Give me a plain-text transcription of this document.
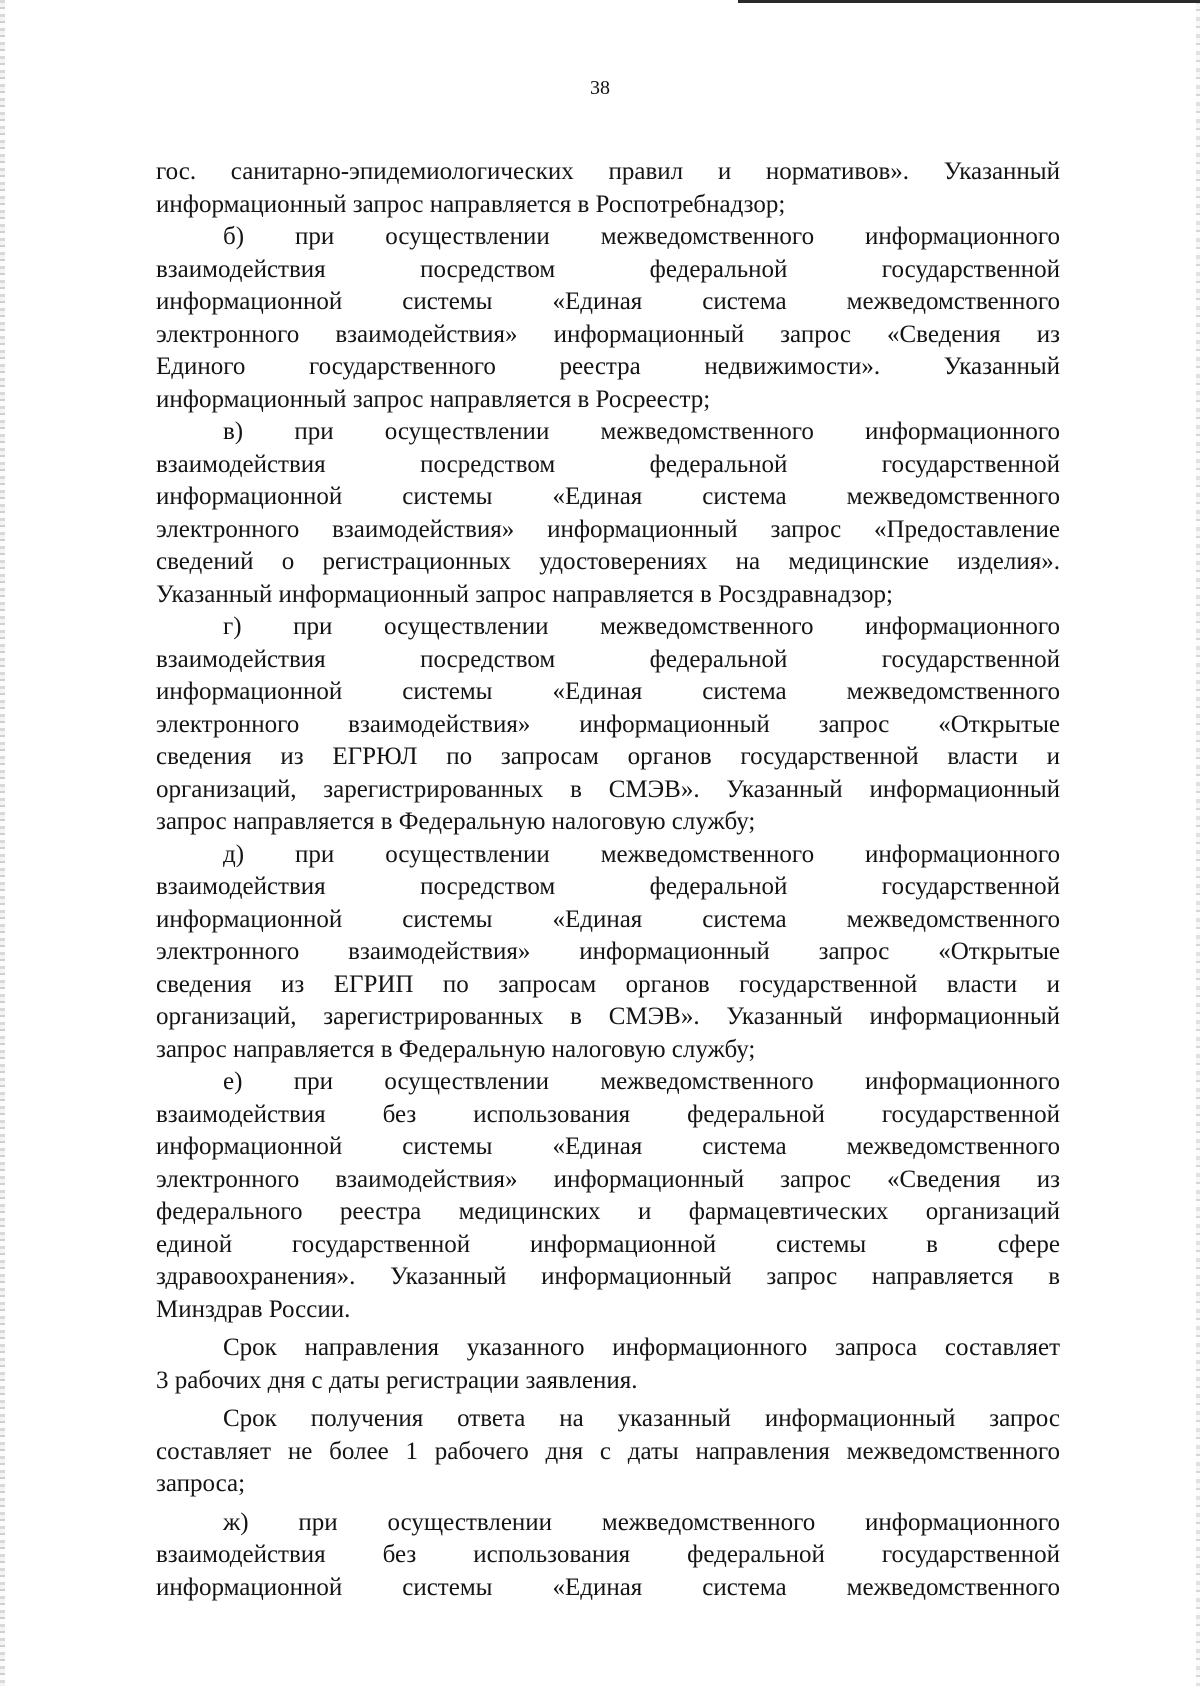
38
гос. санитарно-эпидемиологических правил и нормативов». Указанный
информационный запрос направляется в Роспотребнадзор;
б) при осуществлении межведомственного информационного
взаимодействия посредством федеральной государственной
информационной системы «Единая система межведомственного
электронного взаимодействия» информационный запрос «Сведения из
Единого государственного реестра недвижимости». Указанный
информационный запрос направляется в Росреестр;
в) при осуществлении межведомственного информационного
взаимодействия посредством федеральной государственной
информационной системы «Единая система межведомственного
электронного взаимодействия» информационный запрос «Предоставление
сведений о регистрационных удостоверениях на медицинские изделия».
Указанный информационный запрос направляется в Росздравнадзор;
г) при осуществлении межведомственного информационного
взаимодействия посредством федеральной государственной
информационной системы «Единая система межведомственного
электронного взаимодействия» информационный запрос «Открытые
сведения из ЕГРЮЛ по запросам органов государственной власти и
организаций, зарегистрированных в СМЭВ». Указанный информационный
запрос направляется в Федеральную налоговую службу;
д) при осуществлении межведомственного информационного
взаимодействия посредством федеральной государственной
информационной системы «Единая система межведомственного
электронного взаимодействия» информационный запрос «Открытые
сведения из ЕГРИП по запросам органов государственной власти и
организаций, зарегистрированных в СМЭВ». Указанный информационный
запрос направляется в Федеральную налоговую службу;
е) при осуществлении межведомственного информационного
взаимодействия без использования федеральной государственной
информационной системы «Единая система межведомственного
электронного взаимодействия» информационный запрос «Сведения из
федерального реестра медицинских и фармацевтических организаций
единой государственной информационной системы в сфере
здравоохранения». Указанный информационный запрос направляется в
Минздрав России.
Срок направления указанного информационного запроса составляет
3 рабочих дня с даты регистрации заявления.
Срок получения ответа на указанный информационный запрос
составляет не более 1 рабочего дня с даты направления межведомственного
запроса;
ж) при осуществлении межведомственного информационного
взаимодействия без использования федеральной государственной
информационной системы «Единая система межведомственного
